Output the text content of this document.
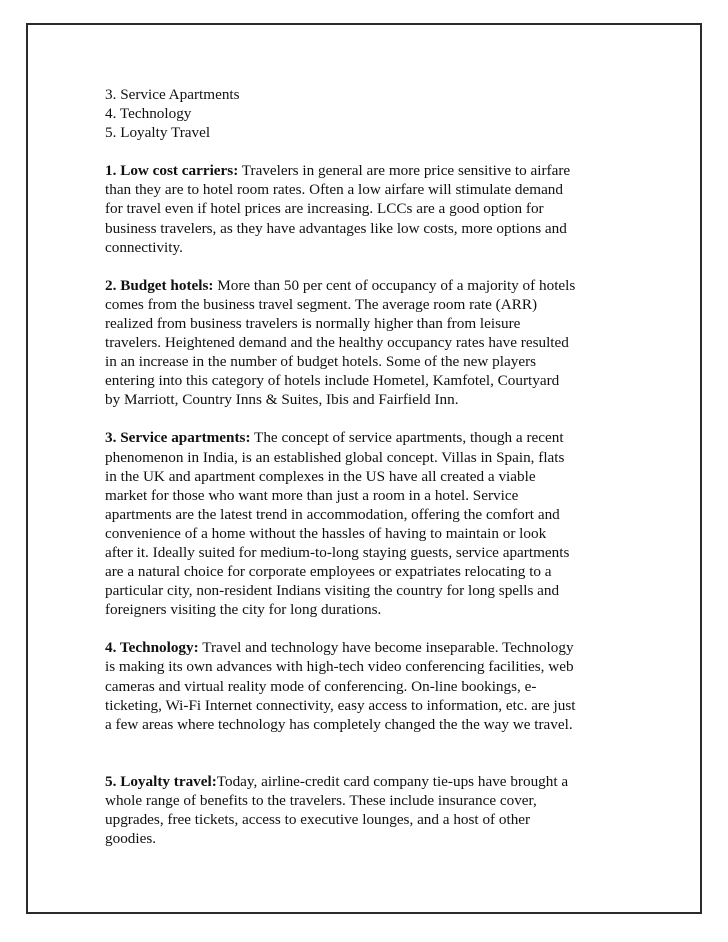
3. Service Apartments
4. Technology
5. Loyalty Travel
1. Low cost carriers: Travelers in general are more price sensitive to airfare
than they are to hotel room rates. Often a low airfare will stimulate demand
for travel even if hotel prices are increasing. LCCs are a good option for
business travelers, as they have advantages like low costs, more options and
connectivity.
2. Budget hotels: More than 50 per cent of occupancy of a majority of hotels
comes from the business travel segment. The average room rate (ARR)
realized from business travelers is normally higher than from leisure
travelers. Heightened demand and the healthy occupancy rates have resulted
in an increase in the number of budget hotels. Some of the new players
entering into this category of hotels include Hometel, Kamfotel, Courtyard
by Marriott, Country Inns & Suites, Ibis and Fairfield Inn.
3. Service apartments: The concept of service apartments, though a recent
phenomenon in India, is an established global concept. Villas in Spain, flats
in the UK and apartment complexes in the US have all created a viable
market for those who want more than just a room in a hotel. Service
apartments are the latest trend in accommodation, offering the comfort and
convenience of a home without the hassles of having to maintain or look
after it. Ideally suited for medium-to-long staying guests, service apartments
are a natural choice for corporate employees or expatriates relocating to a
particular city, non-resident Indians visiting the country for long spells and
foreigners visiting the city for long durations.
4. Technology: Travel and technology have become inseparable. Technology
is making its own advances with high-tech video conferencing facilities, web
cameras and virtual reality mode of conferencing. On-line bookings, e-
ticketing, Wi-Fi Internet connectivity, easy access to information, etc. are just
a few areas where technology has completely changed the the way we travel.
5. Loyalty travel:Today, airline-credit card company tie-ups have brought a
whole range of benefits to the travelers. These include insurance cover,
upgrades, free tickets, access to executive lounges, and a host of other
goodies.
